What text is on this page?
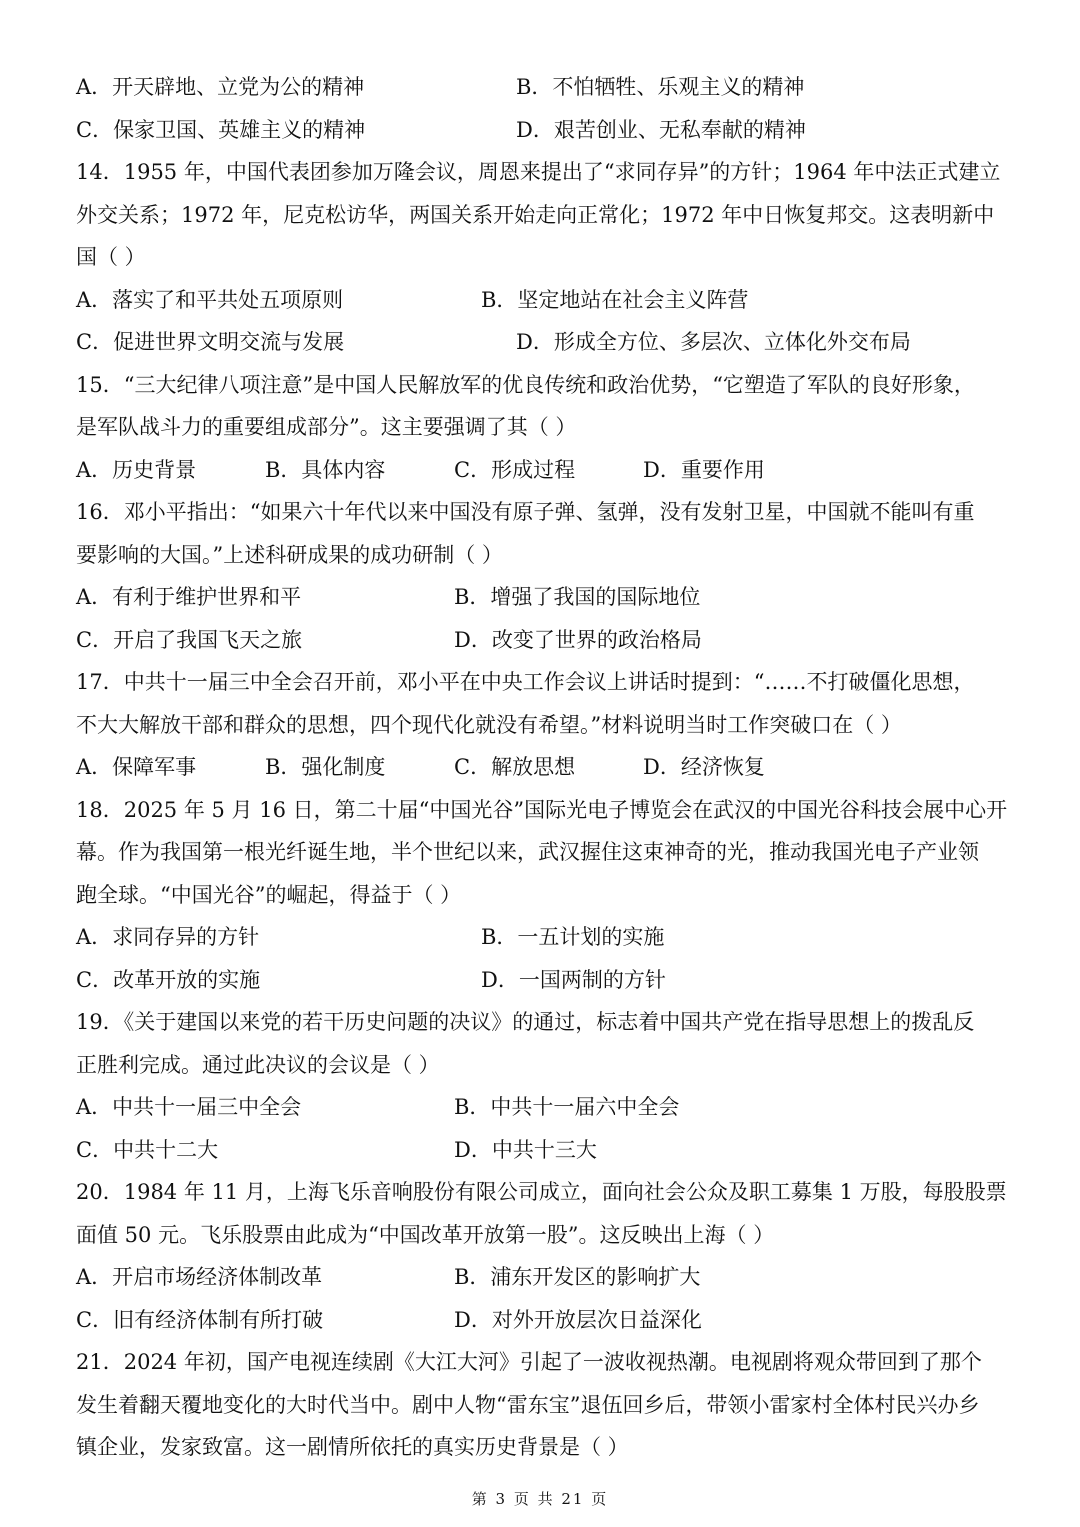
A．开天辟地、立党为公的精神	B．不怕牺牲、乐观主义的精神
C．保家卫国、英雄主义的精神	D．艰苦创业、无私奉献的精神
14．1955 年，中国代表团参加万隆会议，周恩来提出了“求同存异”的方针；1964 年中法正式建立
外交关系；1972 年，尼克松访华，两国关系开始走向正常化；1972 年中日恢复邦交。这表明新中
国（ ）
A．落实了和平共处五项原则	B．坚定地站在社会主义阵营
C．促进世界文明交流与发展	D．形成全方位、多层次、立体化外交布局
15．“三大纪律八项注意”是中国人民解放军的优良传统和政治优势，“它塑造了军队的良好形象，
是军队战斗力的重要组成部分”。这主要强调了其（ ）
A．历史背景	B．具体内容	C．形成过程	D．重要作用
16．邓小平指出：“如果六十年代以来中国没有原子弹、氢弹，没有发射卫星，中国就不能叫有重
要影响的大国。”上述科研成果的成功研制（ ）
A．有利于维护世界和平	B．增强了我国的国际地位
C．开启了我国飞天之旅	D．改变了世界的政治格局
17．中共十一届三中全会召开前，邓小平在中央工作会议上讲话时提到：“……不打破僵化思想，
不大大解放干部和群众的思想，四个现代化就没有希望。”材料说明当时工作突破口在（ ）
A．保障军事	B．强化制度	C．解放思想	D．经济恢复
18．2025 年 5 月 16 日，第二十届“中国光谷”国际光电子博览会在武汉的中国光谷科技会展中心开
幕。作为我国第一根光纤诞生地，半个世纪以来，武汉握住这束神奇的光，推动我国光电子产业领
跑全球。“中国光谷”的崛起，得益于（ ）
A．求同存异的方针	B．一五计划的实施
C．改革开放的实施	D．一国两制的方针
19．《关于建国以来党的若干历史问题的决议》的通过，标志着中国共产党在指导思想上的拨乱反
正胜利完成。通过此决议的会议是（ ）
A．中共十一届三中全会	B．中共十一届六中全会
C．中共十二大	D．中共十三大
20．1984 年 11 月，上海飞乐音响股份有限公司成立，面向社会公众及职工募集 1 万股，每股股票
面值 50 元。飞乐股票由此成为“中国改革开放第一股”。这反映出上海（ ）
A．开启市场经济体制改革	B．浦东开发区的影响扩大
C．旧有经济体制有所打破	D．对外开放层次日益深化
21．2024 年初，国产电视连续剧《大江大河》引起了一波收视热潮。电视剧将观众带回到了那个
发生着翻天覆地变化的大时代当中。剧中人物“雷东宝”退伍回乡后，带领小雷家村全体村民兴办乡
镇企业，发家致富。这一剧情所依托的真实历史背景是（ ）
第 3 页 共 21 页
